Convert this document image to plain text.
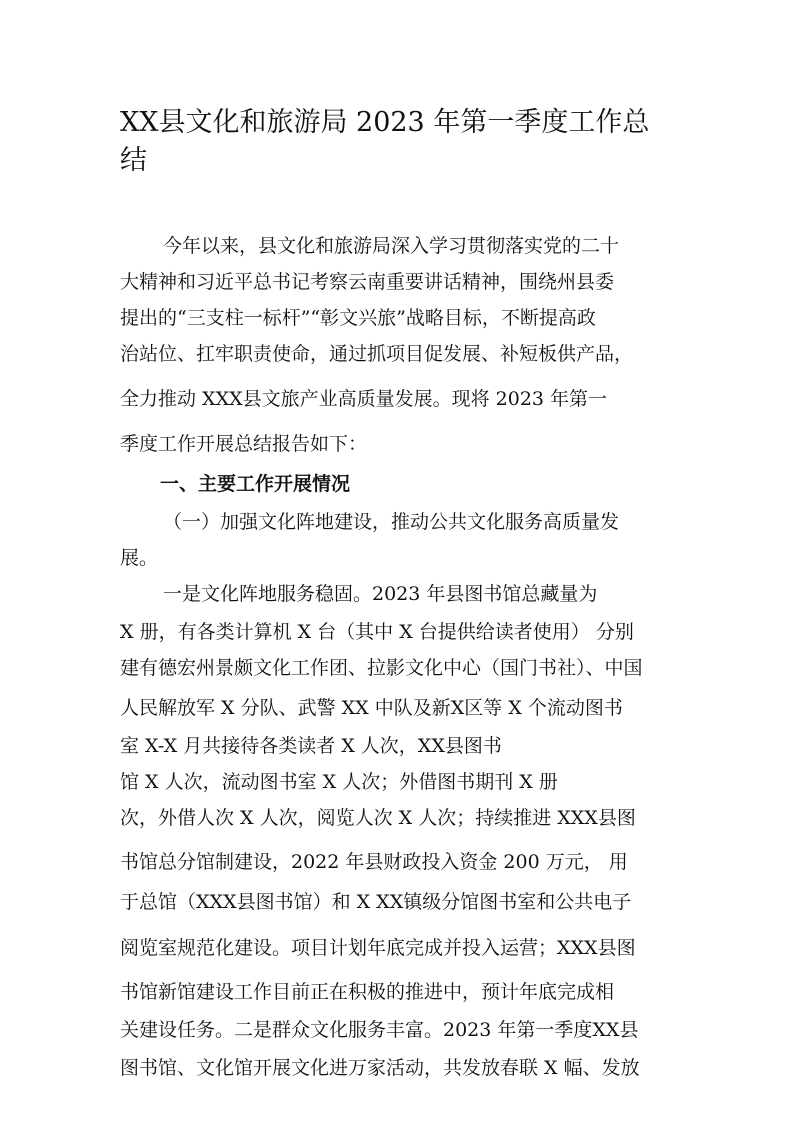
XX县文化和旅游局 2023 年第一季度工作总
结
今年以来，县文化和旅游局深入学习贯彻落实党的二十
大精神和习近平总书记考察云南重要讲话精神，围绕州县委
提出的“三支柱一标杆”“彰文兴旅”战略目标，不断提高政
治站位、扛牢职责使命，通过抓项目促发展、补短板供产品，
全力推动 XXX县文旅产业高质量发展。现将 2023 年第一
季度工作开展总结报告如下：
一、主要工作开展情况
（一）加强文化阵地建设，推动公共文化服务高质量发
展。
一是文化阵地服务稳固。2023 年县图书馆总藏量为
X 册，有各类计算机 X 台（其中 X 台提供给读者使用） 分别
建有德宏州景颇文化工作团、拉影文化中心（国门书社）、中国
人民解放军 X 分队、武警 XX 中队及新X区等 X 个流动图书
室 X-X 月共接待各类读者 X 人次，XX县图书
馆 X 人次，流动图书室 X 人次；外借图书期刊 X 册
次，外借人次 X 人次，阅览人次 X 人次；持续推进 XXX县图
书馆总分馆制建设，2022 年县财政投入资金 200 万元， 用
于总馆（XXX县图书馆）和 X XX镇级分馆图书室和公共电子
阅览室规范化建设。项目计划年底完成并投入运营；XXX县图
书馆新馆建设工作目前正在积极的推进中，预计年底完成相
关建设任务。二是群众文化服务丰富。2023 年第一季度XX县
图书馆、文化馆开展文化进万家活动，共发放春联 X 幅、发放
